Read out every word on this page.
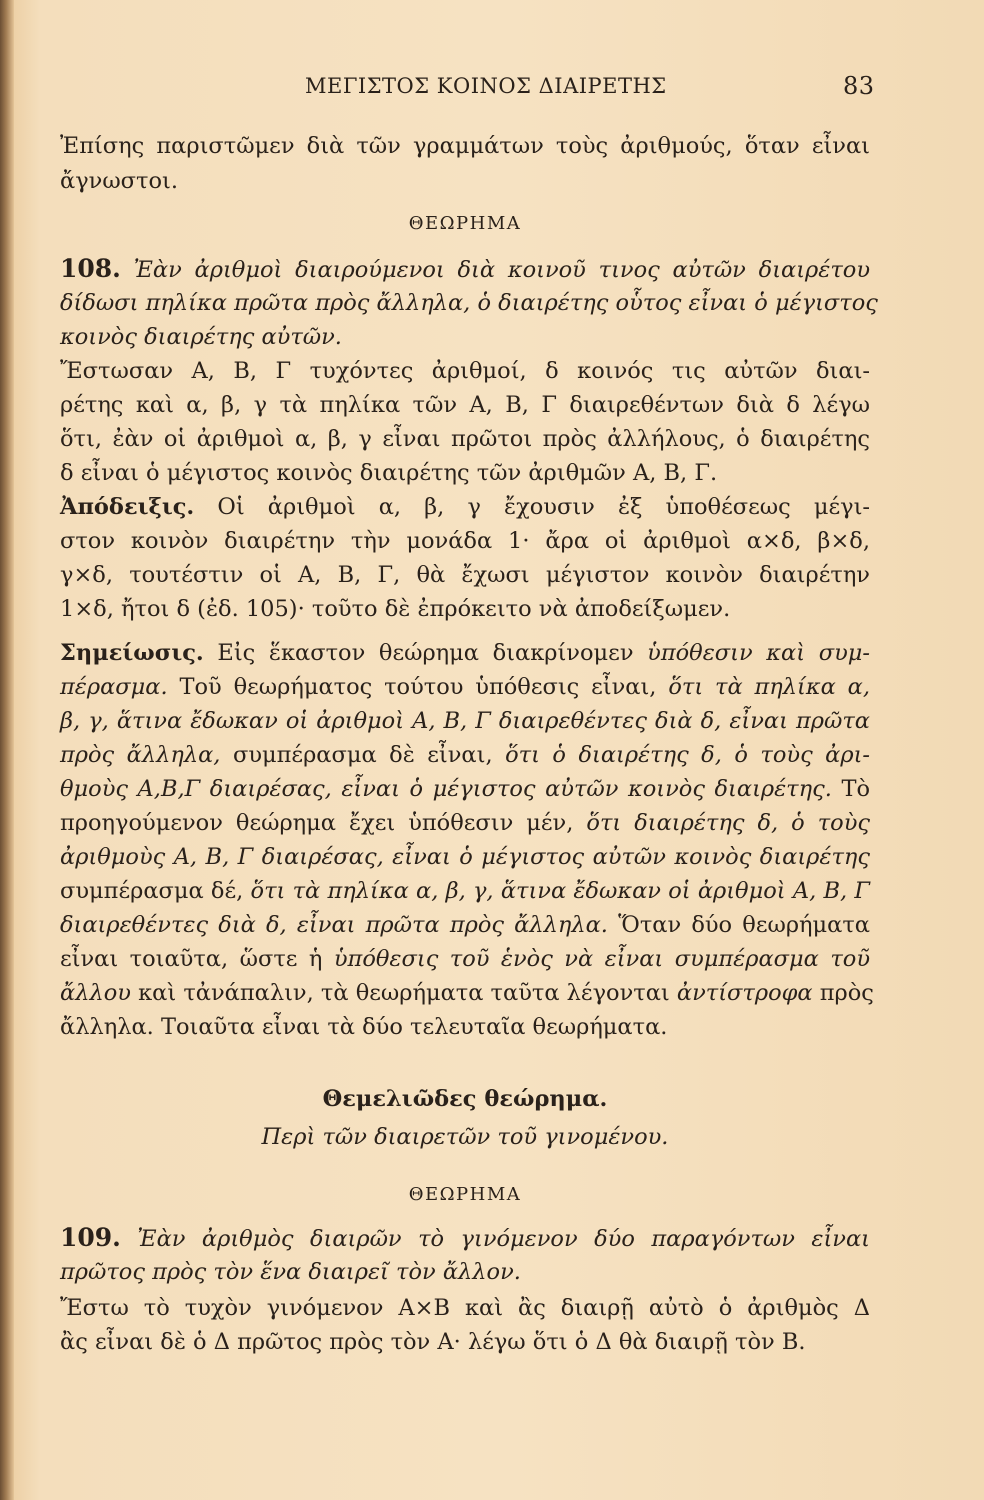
ΜΕΓΙΣΤΟΣ ΚΟΙΝΟΣ ΔΙΑΙΡΕΤΗΣ	83
Ἐπίσης παριστῶμεν διὰ τῶν γραμμάτων τοὺς ἀριθμούς, ὅταν εἶναι
ἄγνωστοι.
ΘΕΩΡΗΜΑ
108. Ἐὰν ἀριθμοὶ διαιρούμενοι διὰ κοινοῦ τινος αὐτῶν διαιρέτου
δίδωσι πηλίκα πρῶτα πρὸς ἄλληλα, ὁ διαιρέτης οὗτος εἶναι ὁ μέγιστος
κοινὸς διαιρέτης αὐτῶν.
Ἔστωσαν Α, Β, Γ τυχόντες ἀριθμοί, δ κοινός τις αὐτῶν διαι-
ρέτης καὶ α, β, γ τὰ πηλίκα τῶν Α, Β, Γ διαιρεθέντων διὰ δ λέγω
ὅτι, ἐὰν οἱ ἀριθμοὶ α, β, γ εἶναι πρῶτοι πρὸς ἀλλήλους, ὁ διαιρέτης
δ εἶναι ὁ μέγιστος κοινὸς διαιρέτης τῶν ἀριθμῶν Α, Β, Γ.
Ἀπόδειξις. Οἱ ἀριθμοὶ α, β, γ ἔχουσιν ἐξ ὑποθέσεως μέγι-
στον κοινὸν διαιρέτην τὴν μονάδα 1· ἄρα οἱ ἀριθμοὶ α×δ, β×δ,
γ×δ, τουτέστιν οἱ Α, Β, Γ, θὰ ἔχωσι μέγιστον κοινὸν διαιρέτην
1×δ, ἤτοι δ (ἐδ. 105)· τοῦτο δὲ ἐπρόκειτο νὰ ἀποδείξωμεν.
Σημείωσις. Εἰς ἕκαστον θεώρημα διακρίνομεν ὑπόθεσιν καὶ συμ-
πέρασμα. Τοῦ θεωρήματος τούτου ὑπόθεσις εἶναι, ὅτι τὰ πηλίκα α,
β, γ, ἅτινα ἔδωκαν οἱ ἀριθμοὶ Α, Β, Γ διαιρεθέντες διὰ δ, εἶναι πρῶτα
πρὸς ἄλληλα, συμπέρασμα δὲ εἶναι, ὅτι ὁ διαιρέτης δ, ὁ τοὺς ἀρι-
θμοὺς Α,Β,Γ διαιρέσας, εἶναι ὁ μέγιστος αὐτῶν κοινὸς διαιρέτης. Τὸ
προηγούμενον θεώρημα ἔχει ὑπόθεσιν μέν, ὅτι διαιρέτης δ, ὁ τοὺς
ἀριθμοὺς Α, Β, Γ διαιρέσας, εἶναι ὁ μέγιστος αὐτῶν κοινὸς διαιρέτης
συμπέρασμα δέ, ὅτι τὰ πηλίκα α, β, γ, ἅτινα ἔδωκαν οἱ ἀριθμοὶ Α, Β, Γ
διαιρεθέντες διὰ δ, εἶναι πρῶτα πρὸς ἄλληλα. Ὅταν δύο θεωρήματα
εἶναι τοιαῦτα, ὥστε ἡ ὑπόθεσις τοῦ ἑνὸς νὰ εἶναι συμπέρασμα τοῦ
ἄλλου καὶ τἀνάπαλιν, τὰ θεωρήματα ταῦτα λέγονται ἀντίστροφα πρὸς
ἄλληλα. Τοιαῦτα εἶναι τὰ δύο τελευταῖα θεωρήματα.
Θεμελιῶδες θεώρημα.
Περὶ τῶν διαιρετῶν τοῦ γινομένου.
ΘΕΩΡΗΜΑ
109. Ἐὰν ἀριθμὸς διαιρῶν τὸ γινόμενον δύο παραγόντων εἶναι
πρῶτος πρὸς τὸν ἕνα διαιρεῖ τὸν ἄλλον.
Ἔστω τὸ τυχὸν γινόμενον Α×Β καὶ ἂς διαιρῇ αὐτὸ ὁ ἀριθμὸς Δ
ἂς εἶναι δὲ ὁ Δ πρῶτος πρὸς τὸν Α· λέγω ὅτι ὁ Δ θὰ διαιρῇ τὸν Β.
